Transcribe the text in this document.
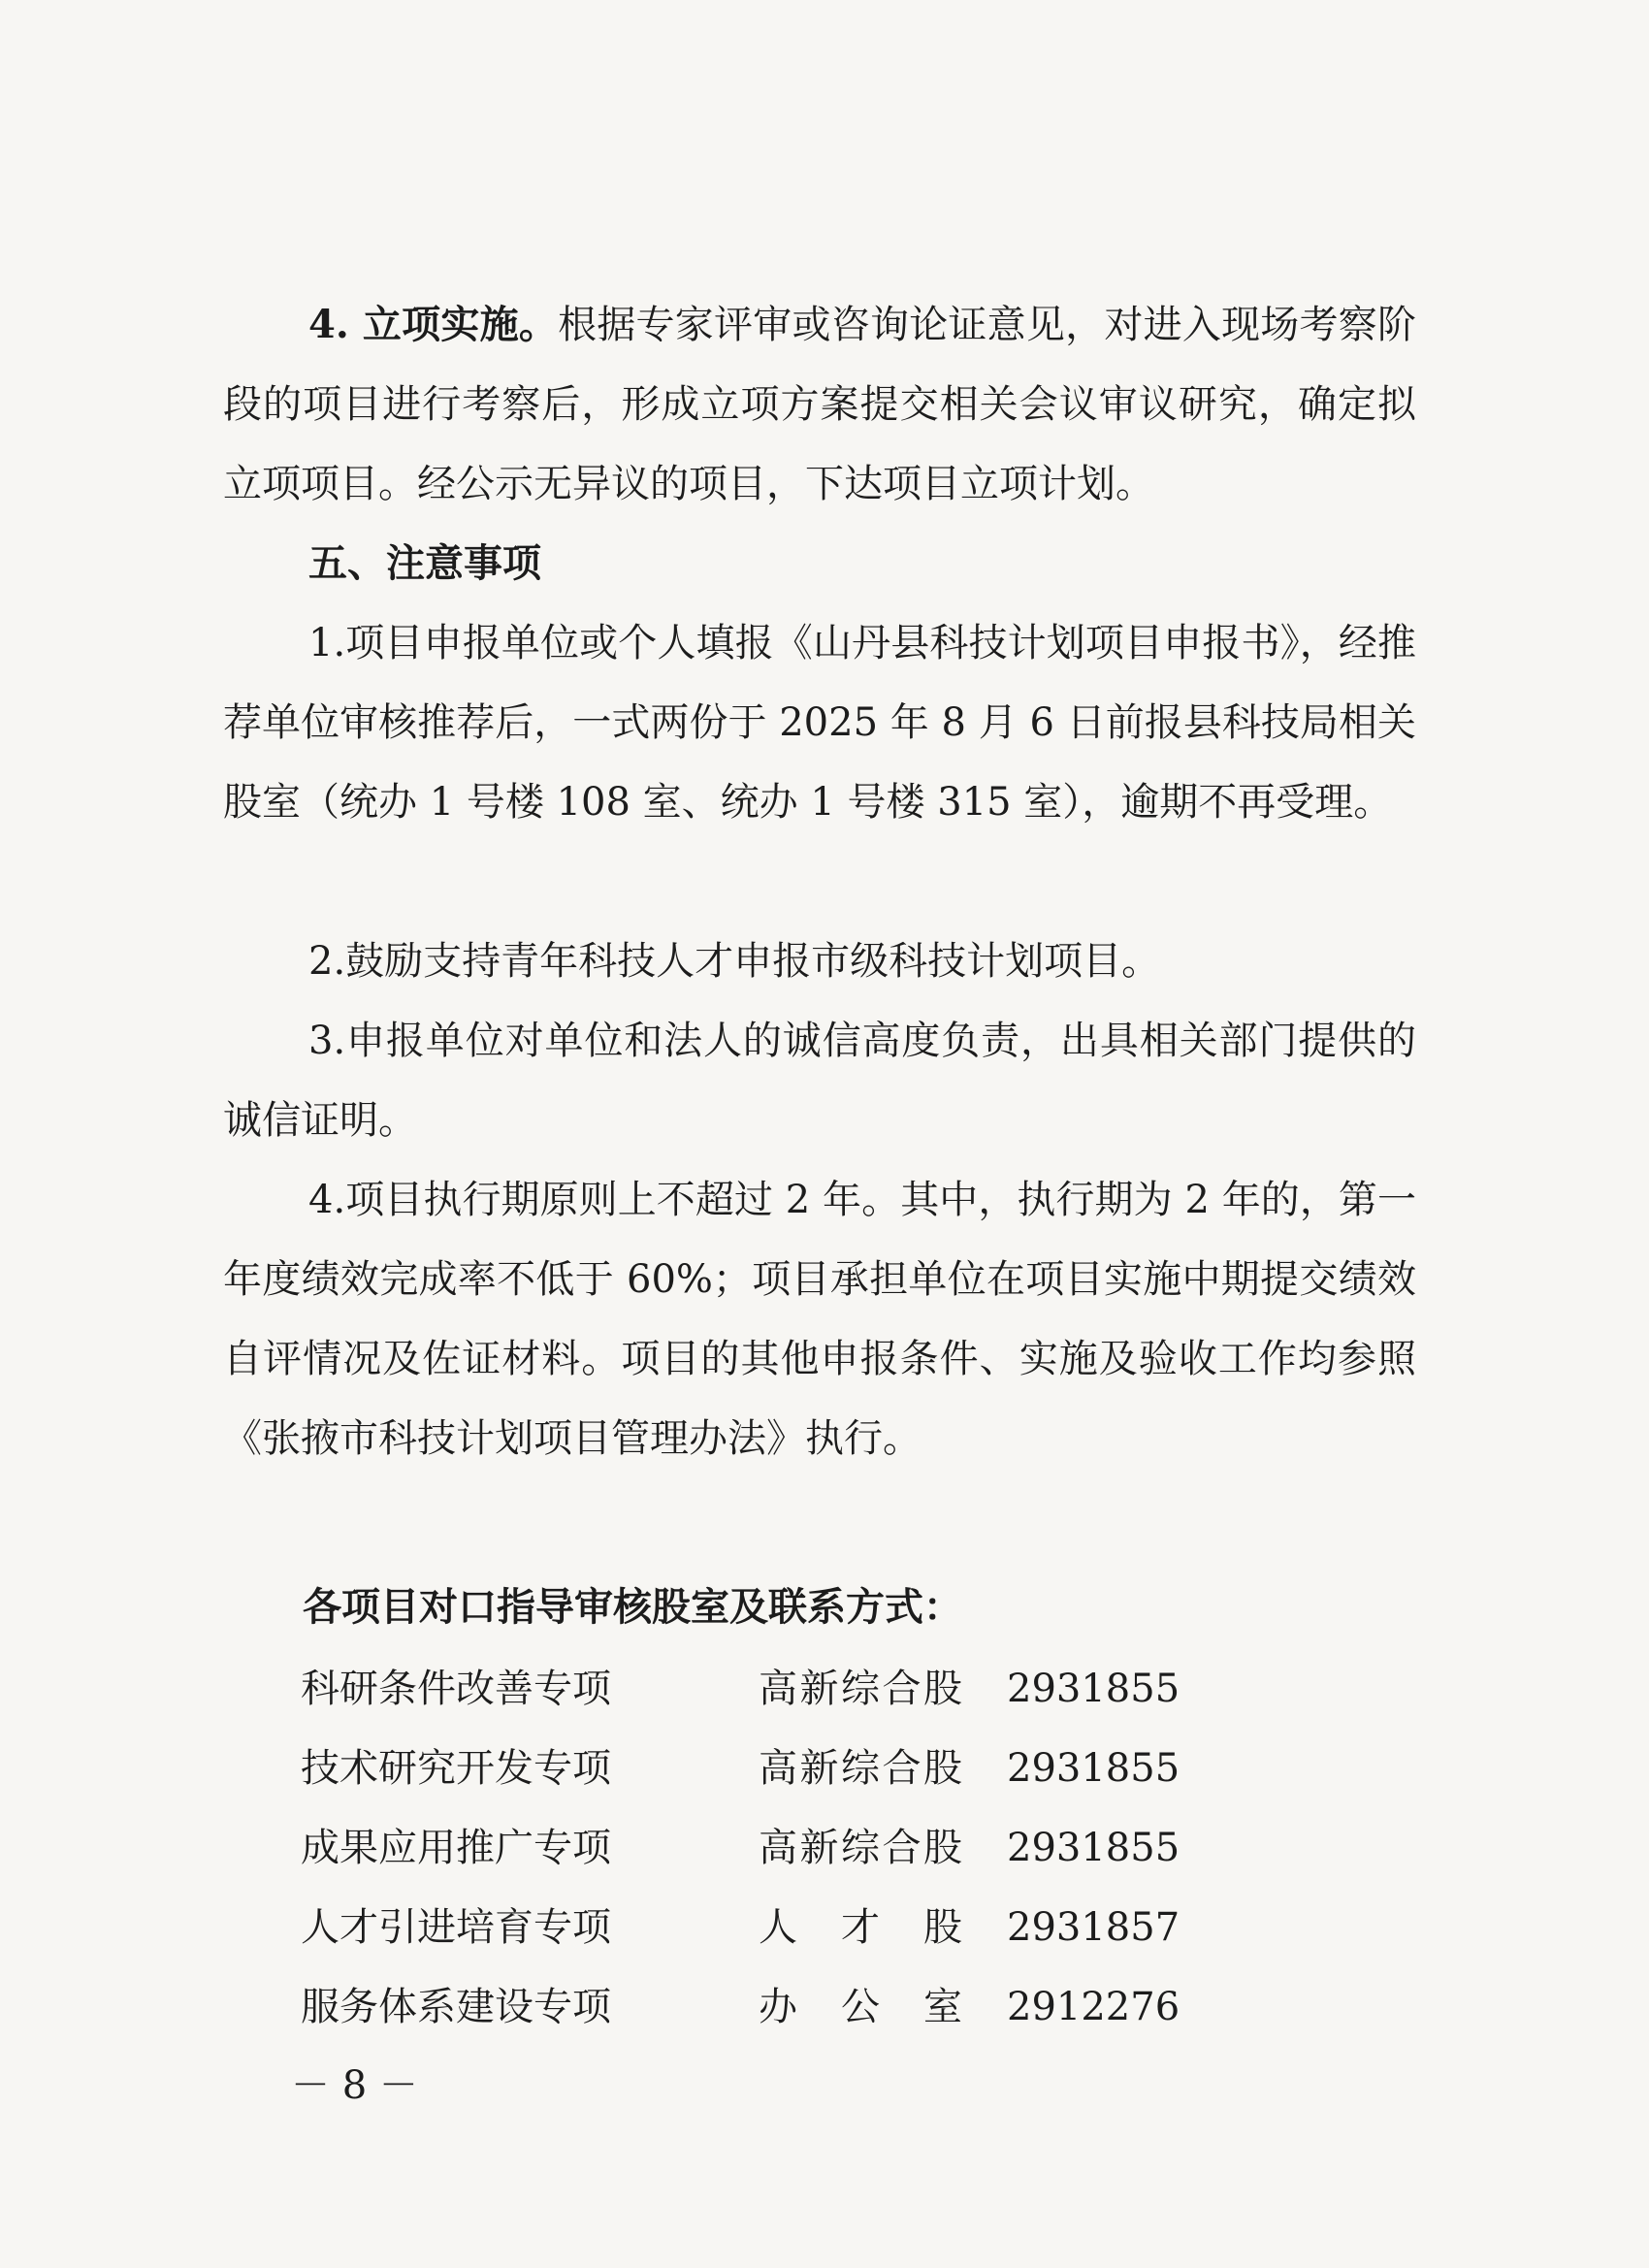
4. 立项实施。根据专家评审或咨询论证意见，对进入现场考察阶段的项目进行考察后，形成立项方案提交相关会议审议研究，确定拟立项项目。经公示无异议的项目，下达项目立项计划。

五、注意事项

1.项目申报单位或个人填报《山丹县科技计划项目申报书》，经推荐单位审核推荐后，一式两份于 2025 年 8 月 6 日前报县科技局相关股室（统办 1 号楼 108 室、统办 1 号楼 315 室），逾期不再受理。

2.鼓励支持青年科技人才申报市级科技计划项目。

3.申报单位对单位和法人的诚信高度负责，出具相关部门提供的诚信证明。

4.项目执行期原则上不超过 2 年。其中，执行期为 2 年的，第一年度绩效完成率不低于 60%；项目承担单位在项目实施中期提交绩效自评情况及佐证材料。项目的其他申报条件、实施及验收工作均参照《张掖市科技计划项目管理办法》执行。

各项目对口指导审核股室及联系方式：

科研条件改善专项	高新综合股 2931855
技术研究开发专项	高新综合股 2931855
成果应用推广专项	高新综合股 2931855
人才引进培育专项	人才股 2931857
服务体系建设专项	办公室 2912276
－ 8 －
